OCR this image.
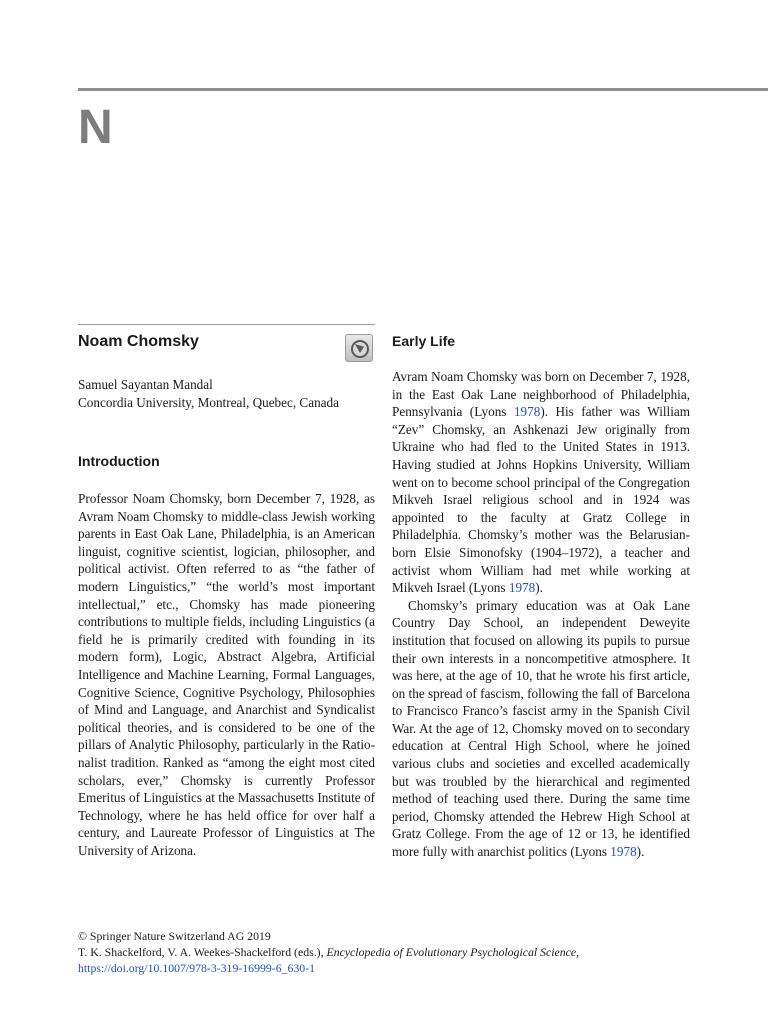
N
Noam Chomsky

Samuel Sayantan Mandal
Concordia University, Montreal, Quebec, Canada

Introduction

Professor Noam Chomsky, born December 7, 1928, as Avram Noam Chomsky to middle-class Jewish working parents in East Oak Lane, Philadelphia, is an American linguist, cognitive scientist, logician, philosopher, and political activist. Often referred to as “the father of modern Linguistics,” “the world’s most important intellectual,” etc., Chomsky has made pioneering contributions to multiple fields, including Linguistics (a field he is primarily credited with founding in its modern form), Logic, Abstract Algebra, Artificial Intelligence and Machine Learning, Formal Languages, Cognitive Science, Cognitive Psychology, Philosophies of Mind and Language, and Anarchist and Syndicalist political theories, and is considered to be one of the pillars of Analytic Philosophy, particularly in the Rationalist tradition. Ranked as “among the eight most cited scholars, ever,” Chomsky is currently Professor Emeritus of Linguistics at the Massachusetts Institute of Technology, where he has held office for over half a century, and Laureate Professor of Linguistics at The University of Arizona.

Early Life

Avram Noam Chomsky was born on December 7, 1928, in the East Oak Lane neighborhood of Philadelphia, Pennsylvania (Lyons 1978). His father was William “Zev” Chomsky, an Ashkenazi Jew originally from Ukraine who had fled to the United States in 1913. Having studied at Johns Hopkins University, William went on to become school principal of the Congregation Mikveh Israel religious school and in 1924 was appointed to the faculty at Gratz College in Philadelphia. Chomsky’s mother was the Belarusian-born Elsie Simonofsky (1904–1972), a teacher and activist whom William had met while working at Mikveh Israel (Lyons 1978).

Chomsky’s primary education was at Oak Lane Country Day School, an independent Deweyite institution that focused on allowing its pupils to pursue their own interests in a noncompetitive atmosphere. It was here, at the age of 10, that he wrote his first article, on the spread of fascism, following the fall of Barcelona to Francisco Franco’s fascist army in the Spanish Civil War. At the age of 12, Chomsky moved on to secondary education at Central High School, where he joined various clubs and societies and excelled academically but was troubled by the hierarchical and regimented method of teaching used there. During the same time period, Chomsky attended the Hebrew High School at Gratz College. From the age of 12 or 13, he identified more fully with anarchist politics (Lyons 1978).

© Springer Nature Switzerland AG 2019

T. K. Shackelford, V. A. Weekes-Shackelford (eds.), Encyclopedia of Evolutionary Psychological Science,

https://doi.org/10.1007/978-3-319-16999-6_630-1
